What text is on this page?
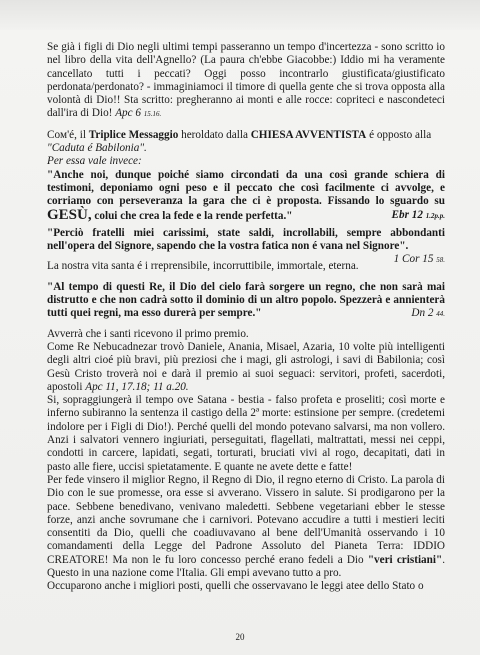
Se già i figli di Dio negli ultimi tempi passeranno un tempo d'incertezza - sono scritto io nel libro della vita dell'Agnello? (La paura ch'ebbe Giacobbe:) Iddio mi ha veramente cancellato tutti i peccati? Oggi posso incontrarlo giustificata/giustificato perdonata/perdonato? - immaginiamoci il timore di quella gente che si trova opposta alla volontà di Dio!! Sta scritto: pregheranno ai monti e alle rocce: copriteci e nascondeteci dall'ira di Dio! Apc 6 15.16.

Coм'é, il Triplice Messaggio heroldato dalla CHIESA AVVENTISTA é opposto alla
"Caduta é Babilonia".
Per essa vale invece:

"Anche noi, dunque poiché siamo circondati da una così grande schiera di testimoni, deponiamo ogni peso e il peccato che così facilmente ci avvolge, e corriamo con perseveranza la gara che ci è proposta. Fissando lo sguardo su GESÙ, colui che crea la fede e la rende perfetta."	Ebr 12 1.2p.p.

"Perciò fratelli miei carissimi, state saldi, incrollabili, sempre abbondanti nell'opera del Signore, sapendo che la vostra fatica non é vana nel Signore".
1 Cor 15 58.

La nostra vita santa é i rreprensibile, incorruttibile, immortale, eterna.

"Al tempo di questi Re, il Dio del cielo farà sorgere un regno, che non sarà mai distrutto e che non cadrà sotto il dominio di un altro popolo. Spezzerà e annienterà tutti quei regni, ma esso durerà per sempre."	Dn 2 44.

Avverrà che i santi ricevono il primo premio.

Come Re Nebucadnezar trovò Daniele, Anania, Misael, Azaria, 10 volte più intelligenti degli altri cioé più bravi, più preziosi che i magi, gli astrologi, i savi di Babilonia; così Gesù Cristo troverà noi e darà il premio ai suoi seguaci: servitori, profeti, sacerdoti, apostoli Apc 11, 17.18; 11 a.20.

Si, sopraggiungerà il tempo ove Satana - bestia - falso profeta e proseliti; così morte e inferno subiranno la sentenza il castigo della 2ª morte: estinsione per sempre. (credetemi indolore per i Figli di Dio!). Perché quelli del mondo potevano salvarsi, ma non vollero. Anzi i salvatori vennero ingiuriati, perseguitati, flagellati, maltrattati, messi nei ceppi, condotti in carcere, lapidati, segati, torturati, bruciati vivi al rogo, decapitati, dati in pasto alle fiere, uccisi spietatamente. E quante ne avete dette e fatte!

Per fede vinsero il miglior Regno, il Regno di Dio, il regno eterno di Cristo. La parola di Dio con le sue promesse, ora esse si avverano. Vissero in salute. Si prodigarono per la pace. Sebbene benedivano, venivano maledetti. Sebbene vegetariani ebber le stesse forze, anzi anche sovrumane che i carnivori. Potevano accudire a tutti i mestieri leciti consentiti da Dio, quelli che coadiuvavano al bene dell'Umanità osservando i 10 comandamenti della Legge del Padrone Assoluto del Pianeta Terra: IDDIO CREATORE! Ma non le fu loro concesso perché erano fedeli a Dio "veri cristiani". Questo in una nazione come l'Italia. Gli empi avevano tutto a pro.

Occuparono anche i migliori posti, quelli che osservavano le leggi atee dello Stato o

20
